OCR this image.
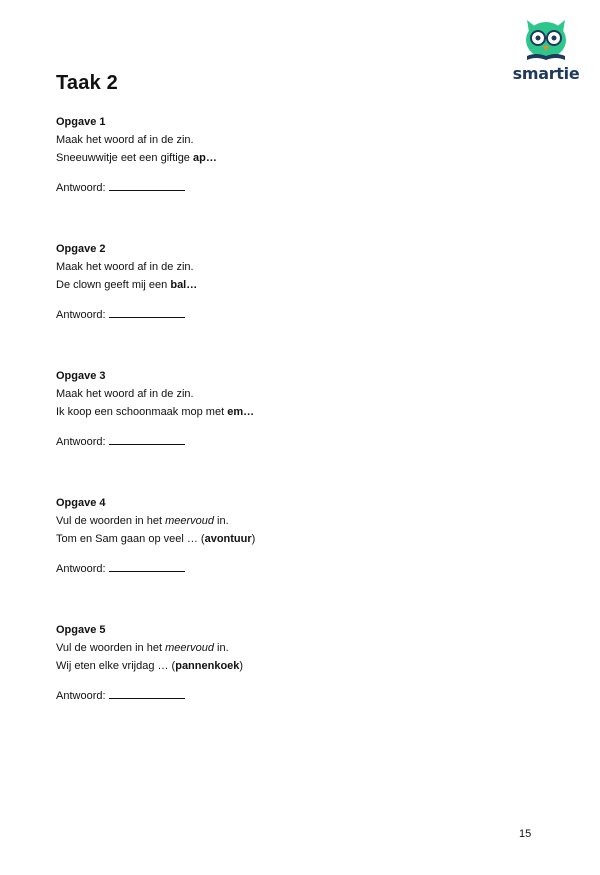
Taak 2	smartie
Opgave 1
Maak het woord af in de zin.
Sneeuwwitje eet een giftige ap…
Antwoord:
Opgave 2
Maak het woord af in de zin.
De clown geeft mij een bal…
Antwoord:
Opgave 3
Maak het woord af in de zin.
Ik koop een schoonmaak mop met em…
Antwoord:
Opgave 4
Vul de woorden in het meervoud in.
Tom en Sam gaan op veel … (avontuur)
Antwoord:
Opgave 5
Vul de woorden in het meervoud in.
Wij eten elke vrijdag … (pannenkoek)
Antwoord:
15
